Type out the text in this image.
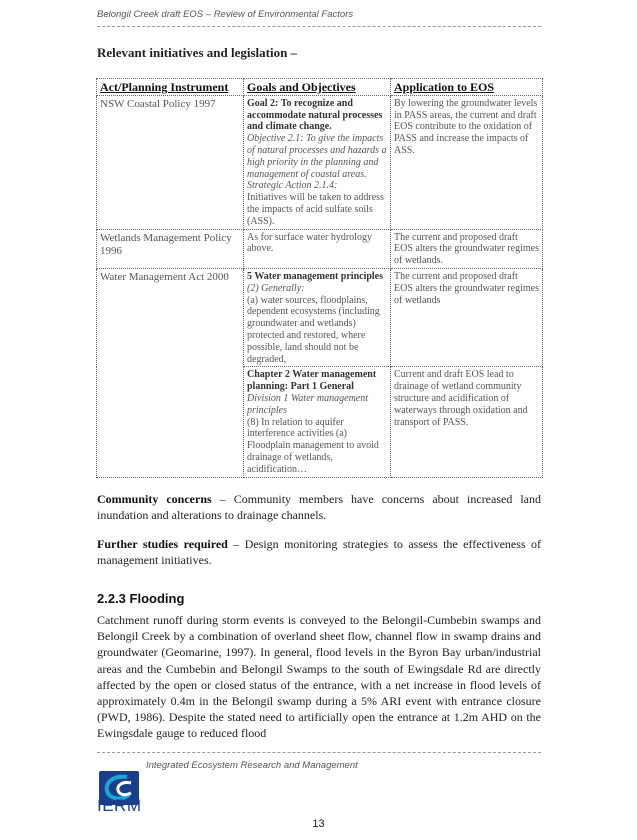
Belongil Creek draft EOS – Review of Environmental Factors
Relevant initiatives and legislation –
Act/Planning Instrument	Goals and Objectives	Application to EOS
NSW Coastal Policy 1997	Goal 2: To recognize and accommodate natural processes and climate change.
Objective 2.1: To give the impacts of natural processes and hazards a high priority in the planning and management of coastal areas. Strategic Action 2.1.4:
Initiatives will be taken to address the impacts of acid sulfate soils (ASS).	By lowering the groundwater levels in PASS areas, the current and draft EOS contribute to the oxidation of PASS and increase the impacts of ASS.
Wetlands Management Policy 1996	As for surface water hydrology above.	The current and proposed draft EOS alters the groundwater regimes of wetlands.
Water Management Act 2000	5 Water management principles
(2) Generally:
(a) water sources, floodplains, dependent ecosystems (including groundwater and wetlands) protected and restored, where possible, land should not be degraded,	The current and proposed draft EOS alters the groundwater regimes of wetlands

	Chapter 2 Water management planning: Part 1 General
Division 1 Water management principles
(8) In relation to aquifer interference activities (a) Floodplain management to avoid drainage of wetlands, acidification…	Current and draft EOS lead to drainage of wetland community structure and acidification of waterways through oxidation and transport of PASS.
Community concerns – Community members have concerns about increased land inundation and alterations to drainage channels.
Further studies required – Design monitoring strategies to assess the effectiveness of management initiatives.
2.2.3 Flooding
Catchment runoff during storm events is conveyed to the Belongil-Cumbebin swamps and Belongil Creek by a combination of overland sheet flow, channel flow in swamp drains and groundwater (Geomarine, 1997). In general, flood levels in the Byron Bay urban/industrial areas and the Cumbebin and Belongil Swamps to the south of Ewingsdale Rd are directly affected by the open or closed status of the entrance, with a net increase in flood levels of approximately 0.4m in the Belongil swamp during a 5% ARI event with entrance closure (PWD, 1986). Despite the stated need to artificially open the entrance at 1.2m AHD on the Ewingsdale gauge to reduced flood
IERM
Integrated Ecosystem Research and Management
13
